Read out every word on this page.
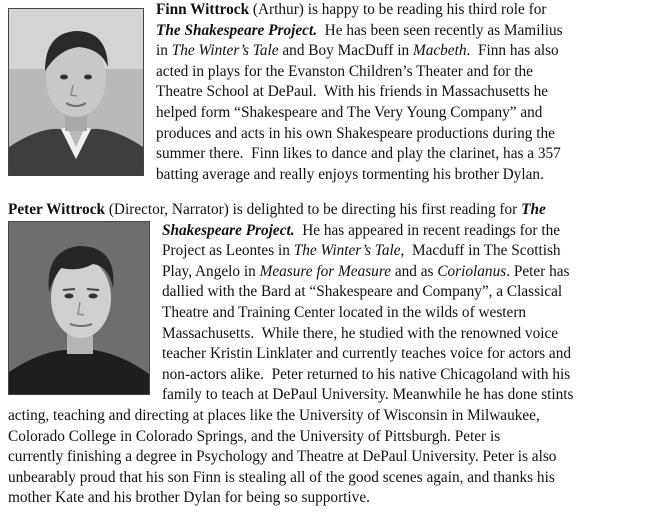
Finn Wittrock (Arthur) is happy to be reading his third role for
The Shakespeare Project.  He has been seen recently as Mamilius
in The Winter’s Tale and Boy MacDuff in Macbeth.  Finn has also
acted in plays for the Evanston Children’s Theater and for the
Theatre School at DePaul.  With his friends in Massachusetts he
helped form “Shakespeare and The Very Young Company” and
produces and acts in his own Shakespeare productions during the
summer there.  Finn likes to dance and play the clarinet, has a 357
batting average and really enjoys tormenting his brother Dylan.
Peter Wittrock (Director, Narrator) is delighted to be directing his first reading for The
Shakespeare Project.  He has appeared in recent readings for the
Project as Leontes in The Winter’s Tale,  Macduff in The Scottish
Play, Angelo in Measure for Measure and as Coriolanus. Peter has
dallied with the Bard at “Shakespeare and Company”, a Classical
Theatre and Training Center located in the wilds of western
Massachusetts.  While there, he studied with the renowned voice
teacher Kristin Linklater and currently teaches voice for actors and
non-actors alike.  Peter returned to his native Chicagoland with his
family to teach at DePaul University. Meanwhile he has done stints
acting, teaching and directing at places like the University of Wisconsin in Milwaukee,
Colorado College in Colorado Springs, and the University of Pittsburgh. Peter is
currently finishing a degree in Psychology and Theatre at DePaul University. Peter is also
unbearably proud that his son Finn is stealing all of the good scenes again, and thanks his
mother Kate and his brother Dylan for being so supportive.
